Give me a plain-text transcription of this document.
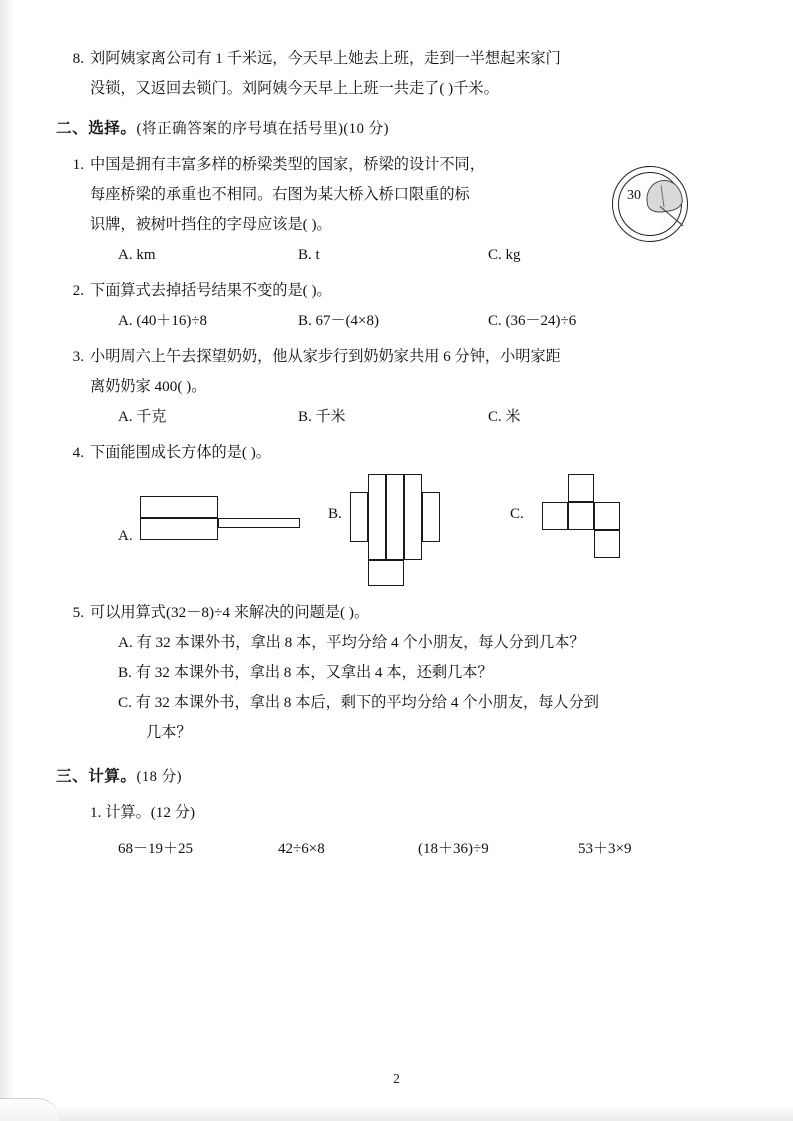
8. 刘阿姨家离公司有 1 千米远，今天早上她去上班，走到一半想起来家门
没锁，又返回去锁门。刘阿姨今天早上上班一共走了( )千米。
二、选择。(将正确答案的序号填在括号里)(10 分)
1. 中国是拥有丰富多样的桥梁类型的国家，桥梁的设计不同，
每座桥梁的承重也不相同。右图为某大桥入桥口限重的标
识牌，被树叶挡住的字母应该是( )。
A. km	B. t	C. kg
2. 下面算式去掉括号结果不变的是( )。
A. (40＋16)÷8	B. 67－(4×8)	C. (36－24)÷6
3. 小明周六上午去探望奶奶，他从家步行到奶奶家共用 6 分钟，小明家距
离奶奶家 400( )。
A. 千克	B. 千米	C. 米
4. 下面能围成长方体的是( )。
A.
B.	C.
5. 可以用算式(32－8)÷4 来解决的问题是( )。
A. 有 32 本课外书，拿出 8 本，平均分给 4 个小朋友，每人分到几本？
B. 有 32 本课外书，拿出 8 本，又拿出 4 本，还剩几本？
C. 有 32 本课外书，拿出 8 本后，剩下的平均分给 4 个小朋友，每人分到
几本？
三、计算。(18 分)
1. 计算。(12 分)
68－19＋25	42÷6×8	(18＋36)÷9	53＋3×9
30
2
